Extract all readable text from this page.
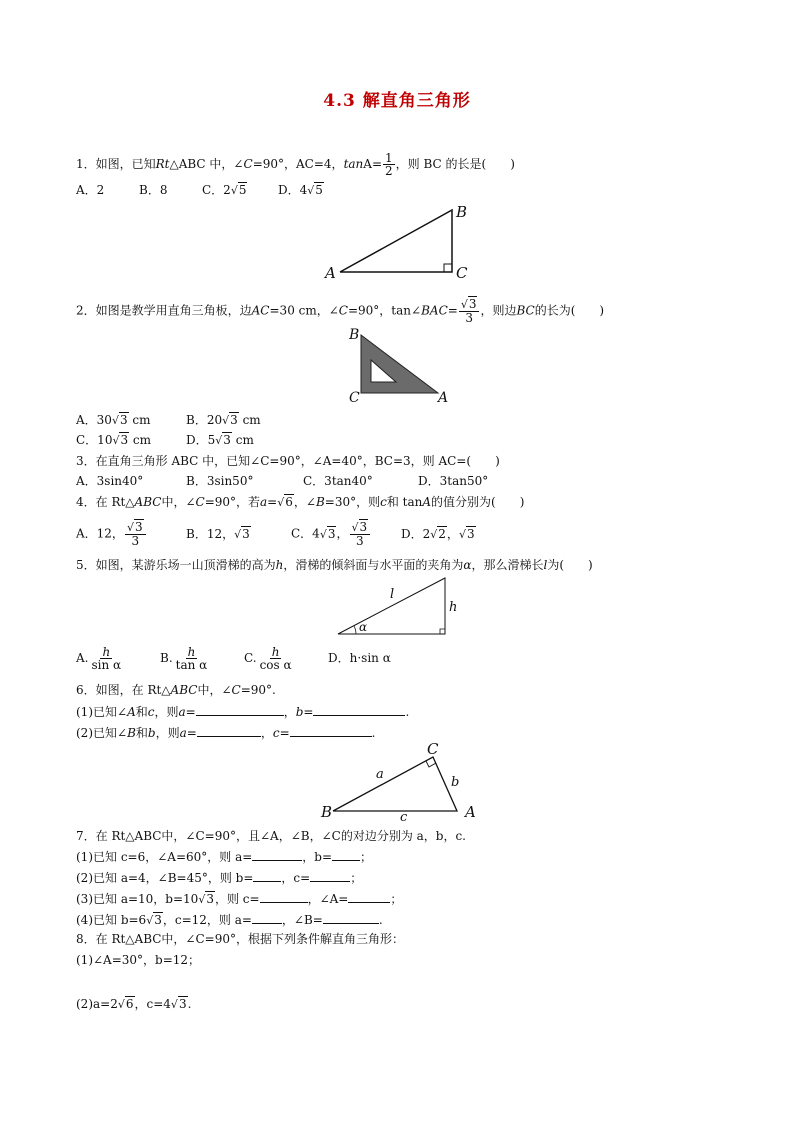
4.3 解直角三角形
1．如图，已知Rt△ABC 中，∠C=90°，AC=4，$\tan A= \frac{1}{2}$ ，则 BC 的长是(　　)
A．2	B．8	C．2√5	D．4√5
B
A	C
2．如图是教学用直角三角板，边AC=30 cm，∠C=90°，tan∠BAC= $\frac{√3}{3}$ ，则边BC的长为(　　)
B
C	A
A．30√3 cm	B．20√3 cm
C．10√3 cm	D．5√3 cm
3．在直角三角形 ABC 中，已知∠C=90°，∠A=40°，BC=3，则 AC=(　　)
A．3sin40°	B．3sin50°	C．3tan40°	D．3tan50°
4．在 Rt△ABC中，∠C=90°，若a=√6，∠B=30°，则c和 tanA的值分别为(　　)
A．12， $\frac{√3}{3}$	B．12，√3	C．4√3， $\frac{√3}{3}$	D．2√2，√3
5．如图，某游乐场一山顶滑梯的高为h，滑梯的倾斜面与水平面的夹角为α，那么滑梯长l为(　　)
l
h
α
A. $\frac{h}{\text{sin α}}$	B. $\frac{h}{\text{tan α}}$	C. $\frac{h}{\text{cos α}}$	D．h·sin α
6．如图，在 Rt△ABC中，∠C=90°.
(1)已知∠A和c，则a=	，b=	.
(2)已知∠B和b，则a=	，c=	.
C
a
b
B	c	A
7．在 Rt△ABC中，∠C=90°，且∠A，∠B，∠C的对边分别为 a，b，c.
(1)已知 c=6，∠A=60°，则 a=	，b= ；
(2)已知 a=4，∠B=45°，则 b= ，c=	；
(3)已知 a=10，b=10√3，则 c=	，∠A=	；
(4)已知 b=6√3，c=12，则 a=	，∠B=	.
8．在 Rt△ABC中，∠C=90°，根据下列条件解直角三角形：
(1)∠A=30°，b=12；
(2)a=2√6，c=4√3.
